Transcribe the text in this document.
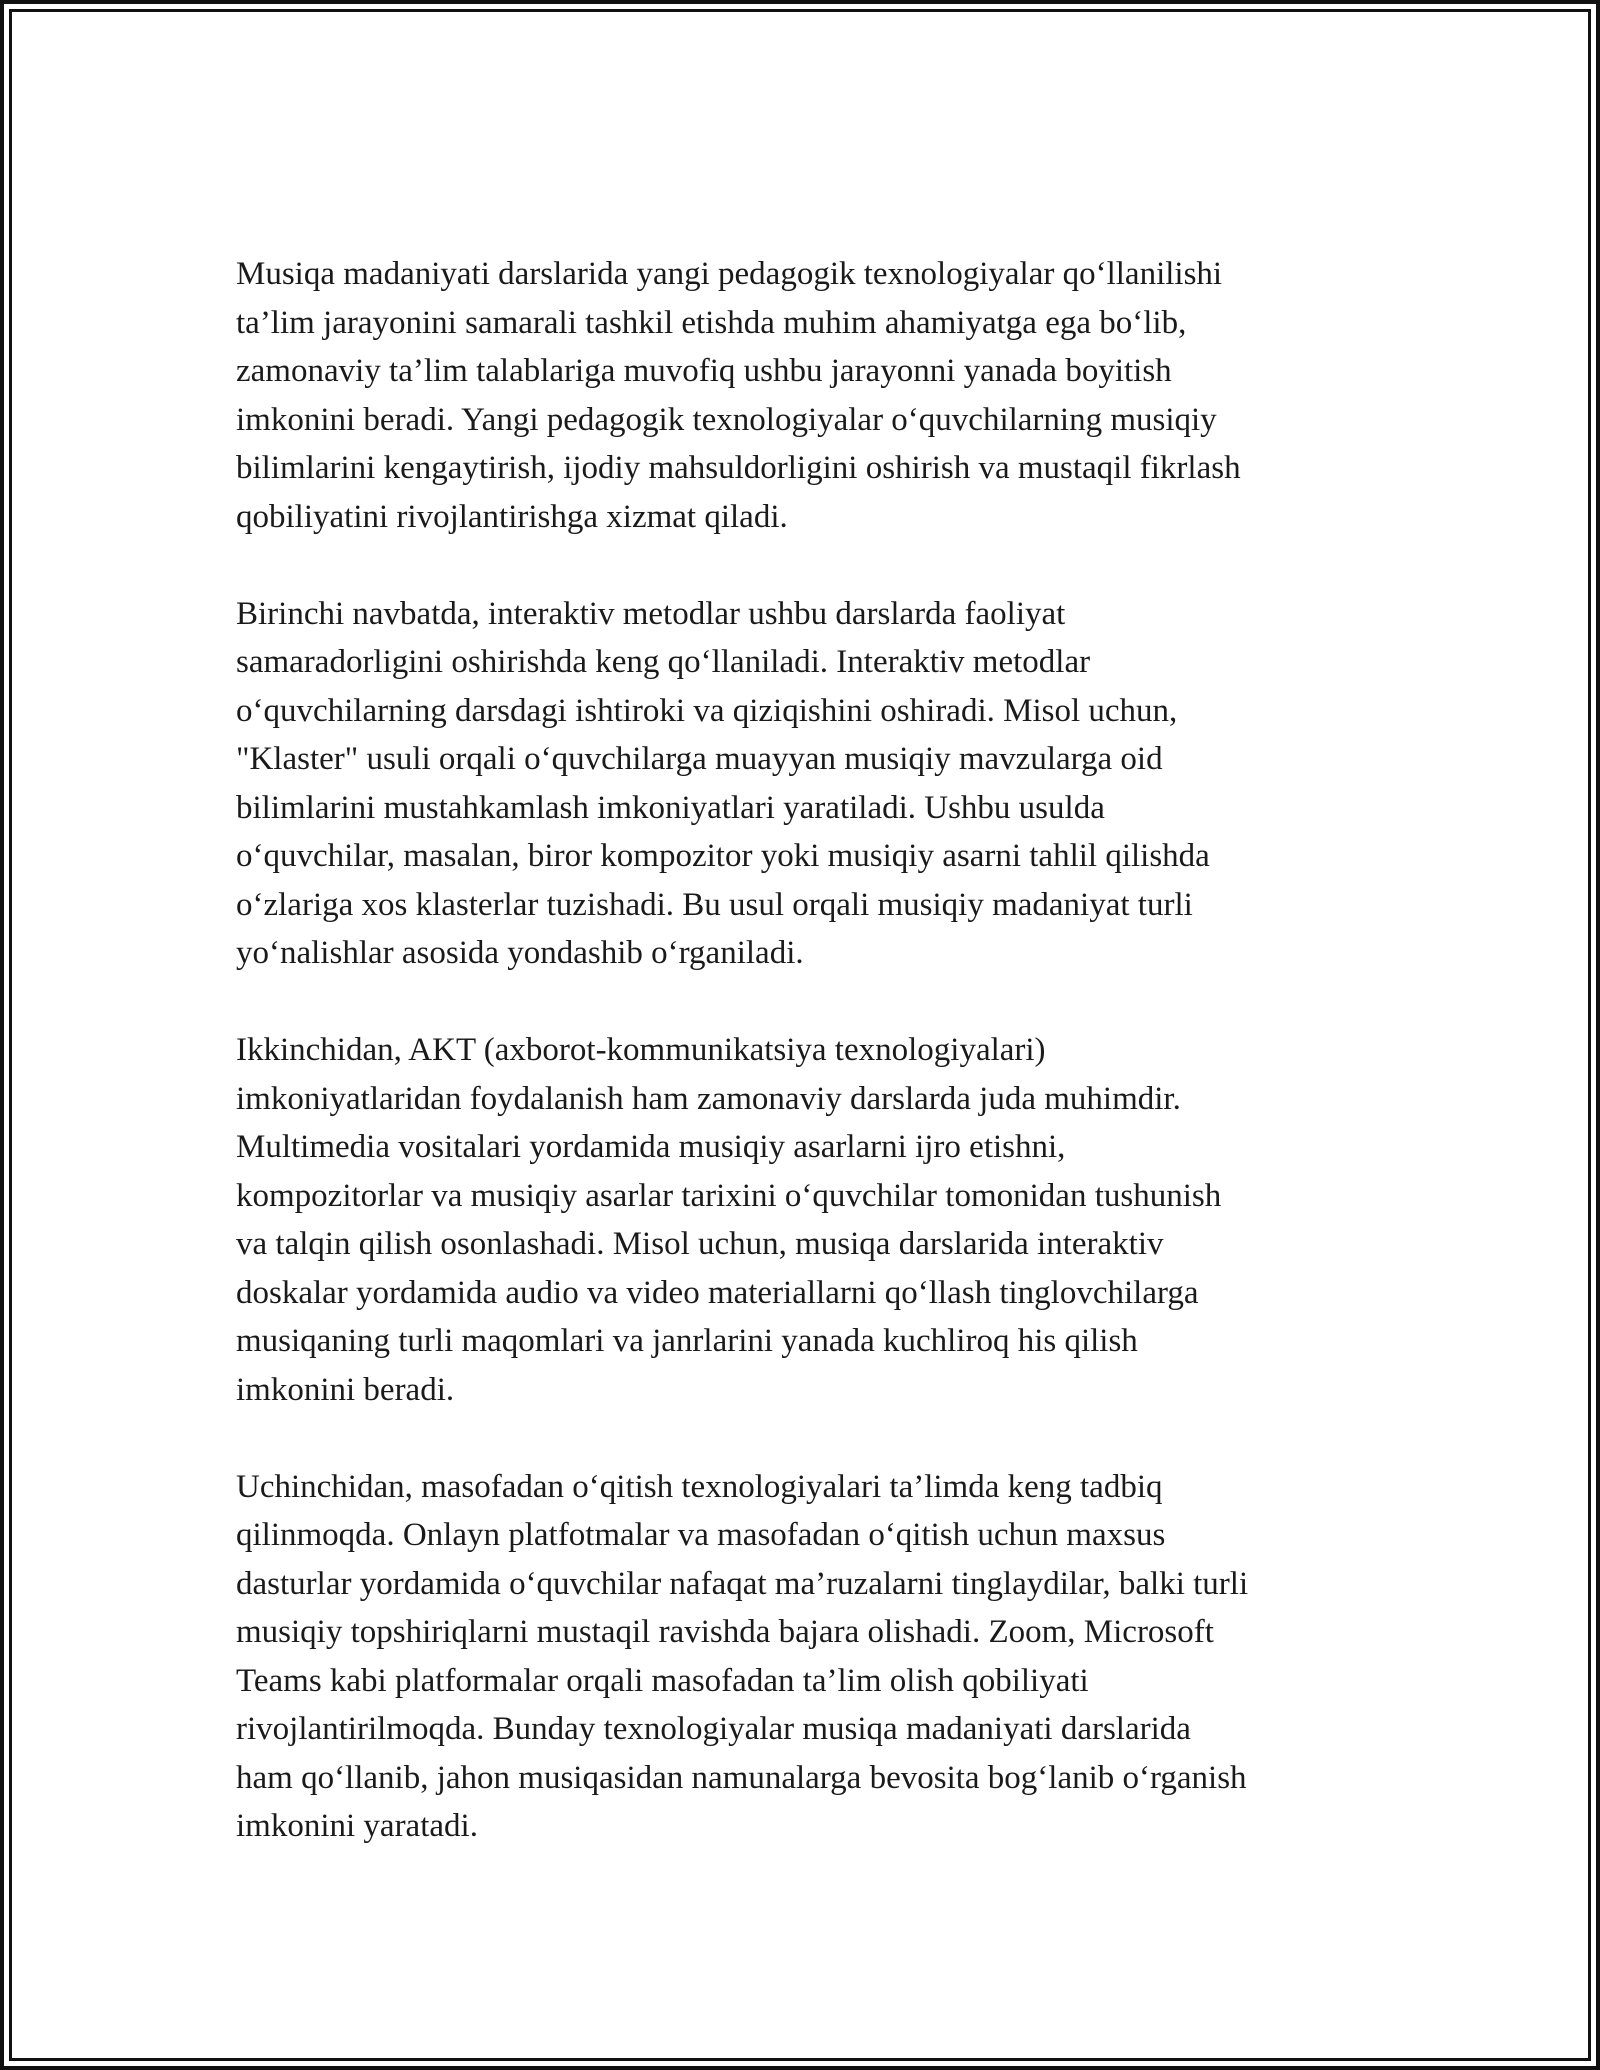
Musiqa madaniyati darslarida yangi pedagogik texnologiyalar qo‘llanilishi
ta’lim jarayonini samarali tashkil etishda muhim ahamiyatga ega bo‘lib,
zamonaviy ta’lim talablariga muvofiq ushbu jarayonni yanada boyitish
imkonini beradi. Yangi pedagogik texnologiyalar o‘quvchilarning musiqiy
bilimlarini kengaytirish, ijodiy mahsuldorligini oshirish va mustaqil fikrlash
qobiliyatini rivojlantirishga xizmat qiladi.

Birinchi navbatda, interaktiv metodlar ushbu darslarda faoliyat
samaradorligini oshirishda keng qo‘llaniladi. Interaktiv metodlar
o‘quvchilarning darsdagi ishtiroki va qiziqishini oshiradi. Misol uchun,
"Klaster" usuli orqali o‘quvchilarga muayyan musiqiy mavzularga oid
bilimlarini mustahkamlash imkoniyatlari yaratiladi. Ushbu usulda
o‘quvchilar, masalan, biror kompozitor yoki musiqiy asarni tahlil qilishda
o‘zlariga xos klasterlar tuzishadi. Bu usul orqali musiqiy madaniyat turli
yo‘nalishlar asosida yondashib o‘rganiladi.

Ikkinchidan, AKT (axborot-kommunikatsiya texnologiyalari)
imkoniyatlaridan foydalanish ham zamonaviy darslarda juda muhimdir.
Multimedia vositalari yordamida musiqiy asarlarni ijro etishni,
kompozitorlar va musiqiy asarlar tarixini o‘quvchilar tomonidan tushunish
va talqin qilish osonlashadi. Misol uchun, musiqa darslarida interaktiv
doskalar yordamida audio va video materiallarni qo‘llash tinglovchilarga
musiqaning turli maqomlari va janrlarini yanada kuchliroq his qilish
imkonini beradi.

Uchinchidan, masofadan o‘qitish texnologiyalari ta’limda keng tadbiq
qilinmoqda. Onlayn platfotmalar va masofadan o‘qitish uchun maxsus
dasturlar yordamida o‘quvchilar nafaqat ma’ruzalarni tinglaydilar, balki turli
musiqiy topshiriqlarni mustaqil ravishda bajara olishadi. Zoom, Microsoft
Teams kabi platformalar orqali masofadan ta’lim olish qobiliyati
rivojlantirilmoqda. Bunday texnologiyalar musiqa madaniyati darslarida
ham qo‘llanib, jahon musiqasidan namunalarga bevosita bog‘lanib o‘rganish
imkonini yaratadi.
